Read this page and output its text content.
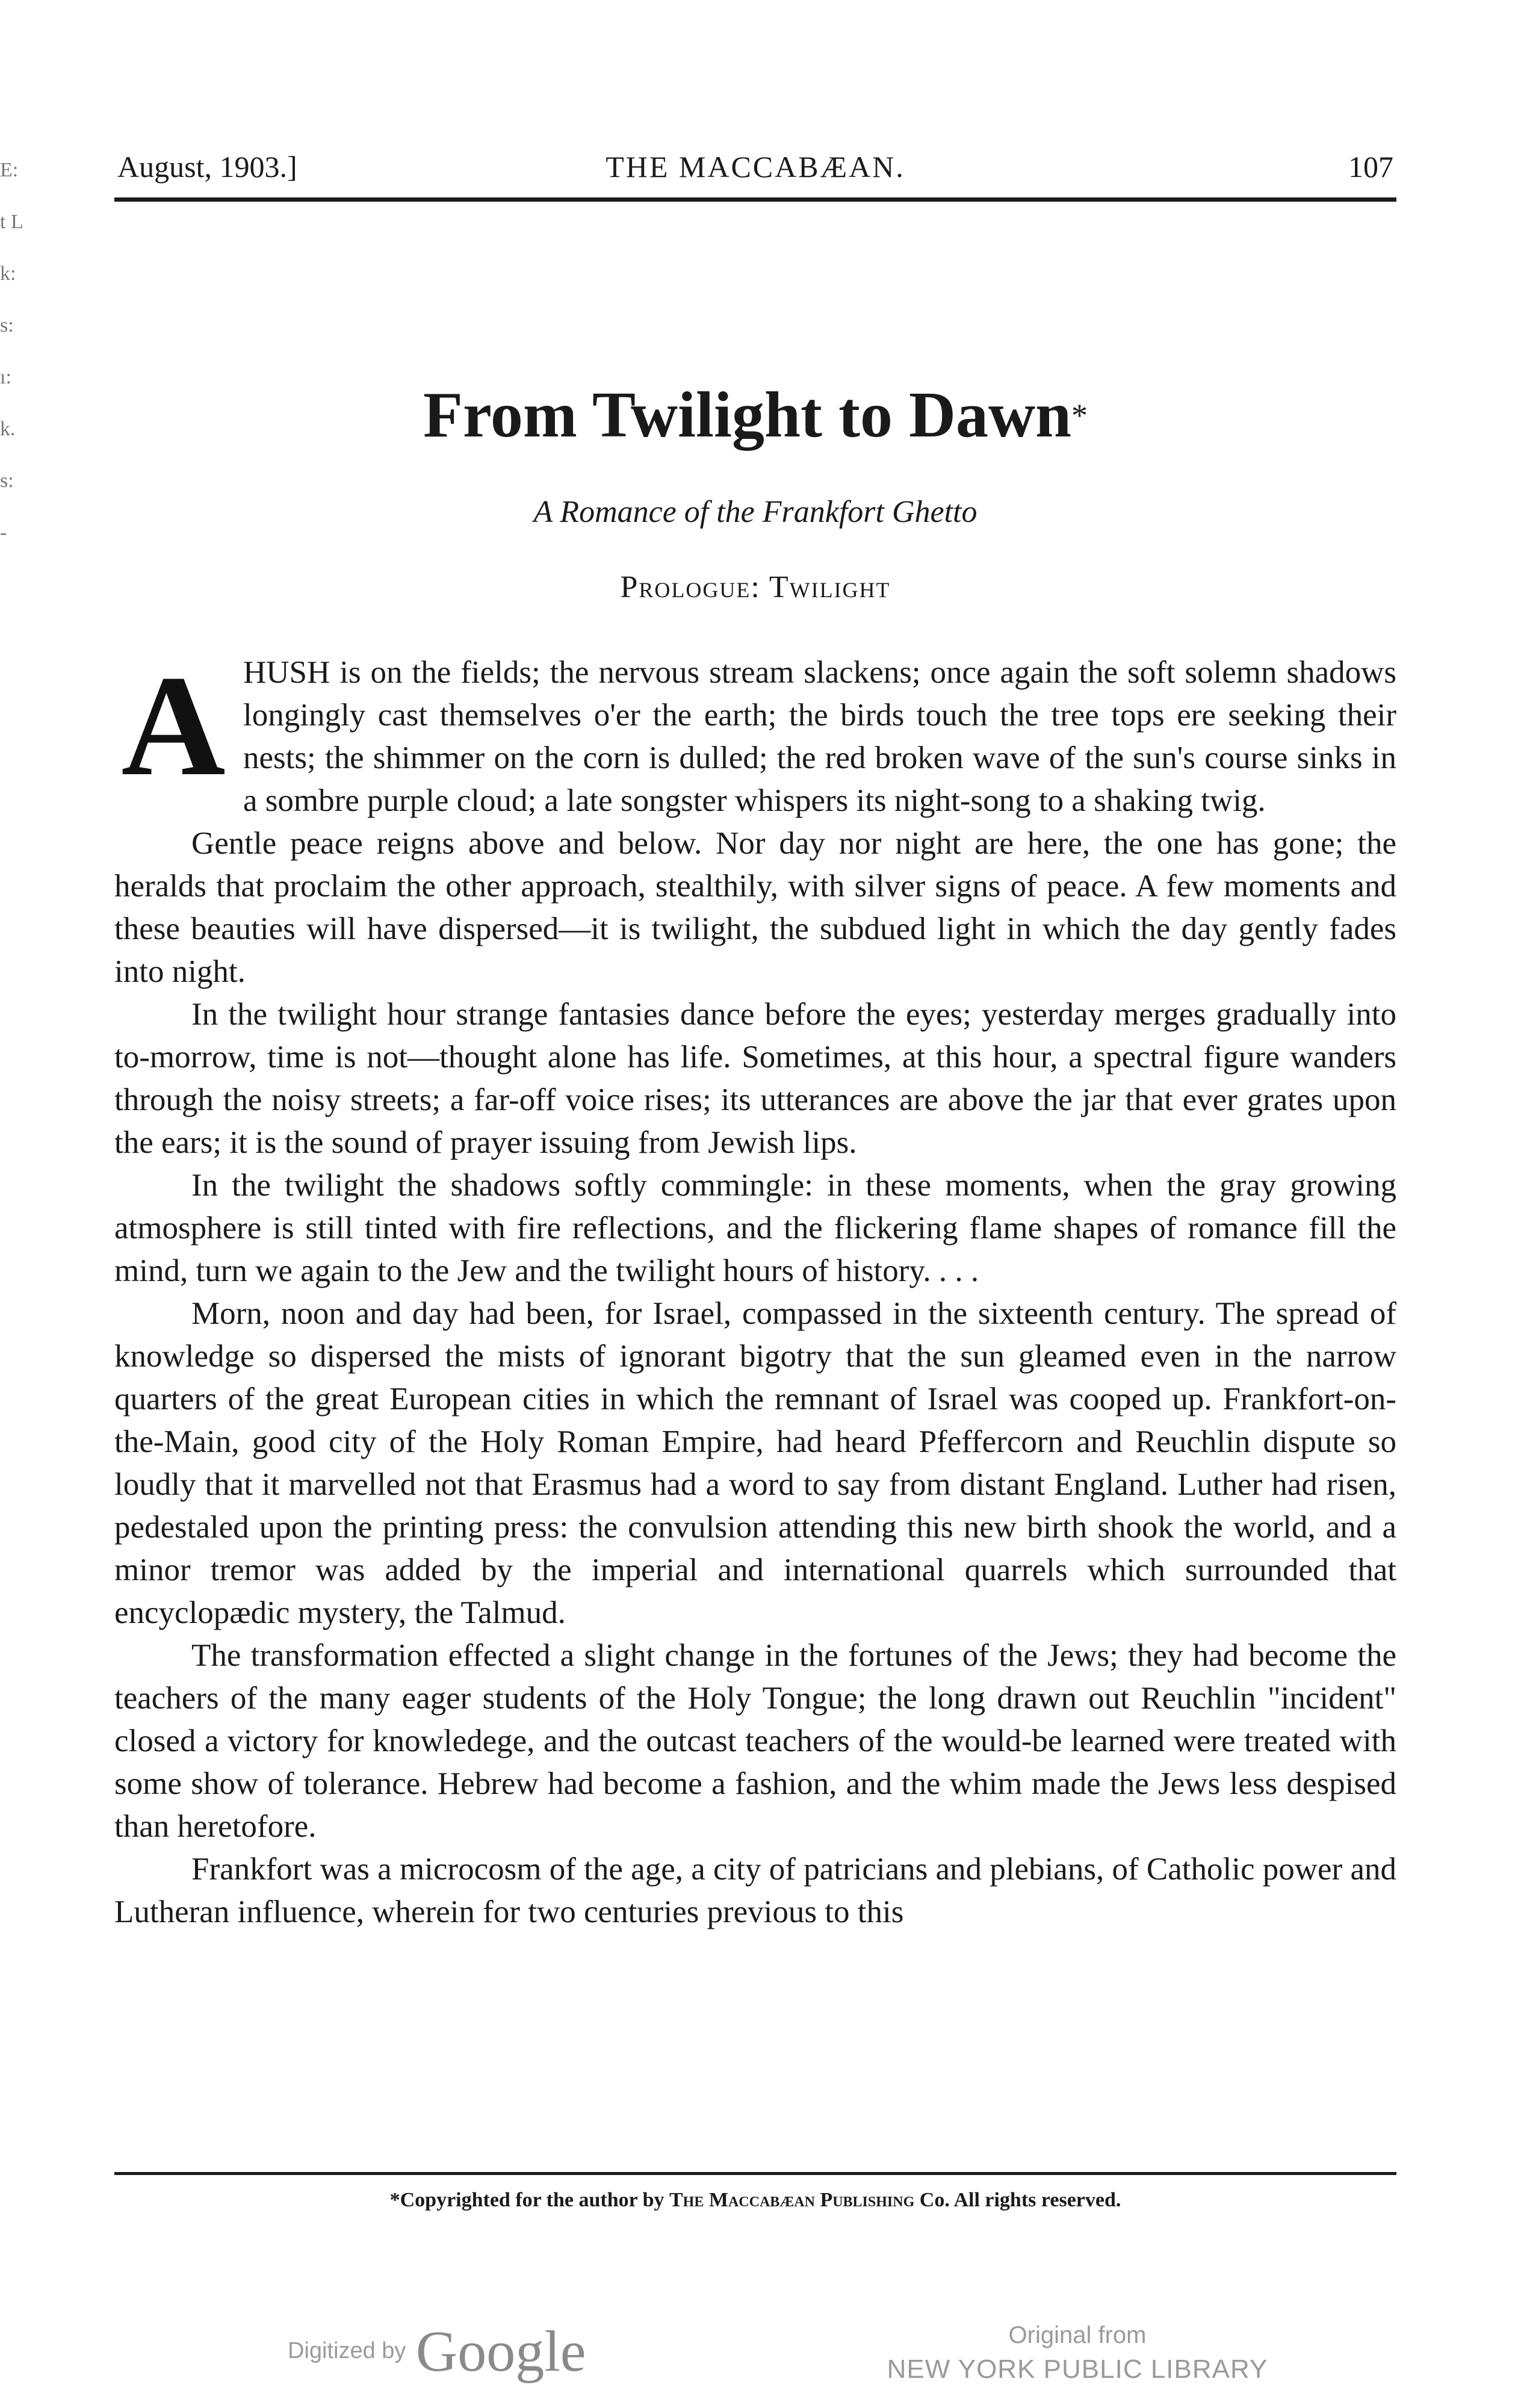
E:
t L
k:
s:
ı:
k.
s:
-
August, 1903.]	THE MACCABÆAN.	107
From Twilight to Dawn*
A Romance of the Frankfort Ghetto
Prologue: Twilight
A HUSH is on the fields; the nervous stream slackens; once again the soft solemn shadows longingly cast themselves o'er the earth; the birds touch the tree tops ere seeking their nests; the shimmer on the corn is dulled; the red broken wave of the sun's course sinks in a sombre purple cloud; a late songster whispers its night-song to a shaking twig.

Gentle peace reigns above and below. Nor day nor night are here, the one has gone; the heralds that proclaim the other approach, stealthily, with silver signs of peace. A few moments and these beauties will have dispersed—it is twilight, the subdued light in which the day gently fades into night.

In the twilight hour strange fantasies dance before the eyes; yesterday merges gradually into to-morrow, time is not—thought alone has life. Sometimes, at this hour, a spectral figure wanders through the noisy streets; a far-off voice rises; its utterances are above the jar that ever grates upon the ears; it is the sound of prayer issuing from Jewish lips.

In the twilight the shadows softly commingle: in these moments, when the gray growing atmosphere is still tinted with fire reflections, and the flickering flame shapes of romance fill the mind, turn we again to the Jew and the twilight hours of history. . . .

Morn, noon and day had been, for Israel, compassed in the sixteenth century. The spread of knowledge so dispersed the mists of ignorant bigotry that the sun gleamed even in the narrow quarters of the great European cities in which the remnant of Israel was cooped up. Frankfort-on-the-Main, good city of the Holy Roman Empire, had heard Pfeffercorn and Reuchlin dispute so loudly that it marvelled not that Erasmus had a word to say from distant England. Luther had risen, pedestaled upon the printing press: the convulsion attending this new birth shook the world, and a minor tremor was added by the imperial and international quarrels which surrounded that encyclopædic mystery, the Talmud.

The transformation effected a slight change in the fortunes of the Jews; they had become the teachers of the many eager students of the Holy Tongue; the long drawn out Reuchlin "incident" closed a victory for knowledege, and the outcast teachers of the would-be learned were treated with some show of tolerance. Hebrew had become a fashion, and the whim made the Jews less despised than heretofore.

Frankfort was a microcosm of the age, a city of patricians and plebians, of Catholic power and Lutheran influence, wherein for two centuries previous to this

*Copyrighted for the author by The Maccabæan Publishing Co. All rights reserved.
Digitized by Google	Original from
NEW YORK PUBLIC LIBRARY
